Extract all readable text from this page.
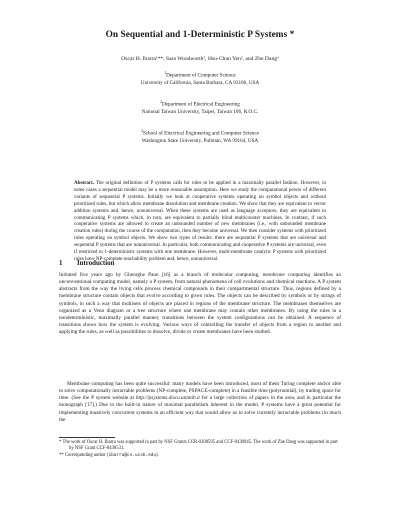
On Sequential and 1-Deterministic P Systems *
Oscar H. Ibarra¹**, Sara Woodworth¹, Hsu-Chun Yen², and Zhe Dang³
$^1$Department of Computer Science
University of California, Santa Barbara, CA 93106, USA
$^2$Department of Electrical Engineering
National Taiwan University, Taipei, Taiwan 106, R.O.C.
$^3$School of Electrical Engineering and Computer Science
Washington State University, Pullman, WA 99164, USA
Abstract. The original definition of P systems calls for rules to be applied in a maximally parallel fashion. However, in some cases a sequential model may be a more reasonable assumption. Here we study the computational power of different variants of sequential P systems. Initially we look at cooperative systems operating on symbol objects and without prioritized rules, but which allow membrane dissolution and membrane creation. We show that they are equivalent to vector addition systems and, hence, nonuniversal. When these systems are used as language acceptors, they are equivalent to communicating P systems which, in turn, are equivalent to partially blind multicounter machines. In contrast, if such cooperative systems are allowed to create an unbounded number of new membranes (i.e., with unbounded membrane creation rules) during the course of the computation, then they become universal. We then consider systems with prioritized rules operating on symbol objects. We show two types of results: there are sequential P systems that are universal and sequential P systems that are nonuniversal. In particular, both communicating and cooperative P systems are universal, even if restricted to 1-deterministic systems with one membrane. However, multi-membrane catalytic P systems with prioritized rules have NP-complete reachability problem and, hence, nonuniversal.
1 Introduction

Initiated five years ago by Gheorghe Paun [16] as a branch of molecular computing, membrane computing identifies an unconventional computing model, namely a P system, from natural phenomena of cell evolutions and chemical reactions. A P system abstracts from the way the living cells process chemical compounds in their compartmental structure. Thus, regions defined by a membrane structure contain objects that evolve according to given rules. The objects can be described by symbols or by strings of symbols, in such a way that multisets of objects are placed in regions of the membrane structure. The membranes themselves are organized as a Venn diagram or a tree structure where one membrane may contain other membranes. By using the rules in a nondeterministic, maximally parallel manner, transitions between the system configurations can be obtained. A sequence of transitions shows how the system is evolving. Various ways of controlling the transfer of objects from a region to another and applying the rules, as well as possibilities to dissolve, divide or create membranes have been studied.

Membrane computing has been quite successful: many models have been introduced, most of them Turing complete and/or able to solve computationally intractable problems (NP-complete, PSPACE-complete) in a feasible time (polynomial), by trading space for time. (See the P system website at http://psystems.disco.unimib.it for a large collection of papers in the area, and in particular the monograph [17].) Due to the built-in nature of maximal parallelism inherent in the model, P systems have a great potential for implementing massively concurrent systems in an efficient way that would allow us to solve currently intractable problems (in much the

* The work of Oscar H. Ibarra was supported in part by NSF Grants CCR-0208595 and CCF-0430945. The work of Zhe Dang was supported in part by NSF Grant CCF-0430531.
** Corresponding author (ibarra@cs.ucsb.edu).
